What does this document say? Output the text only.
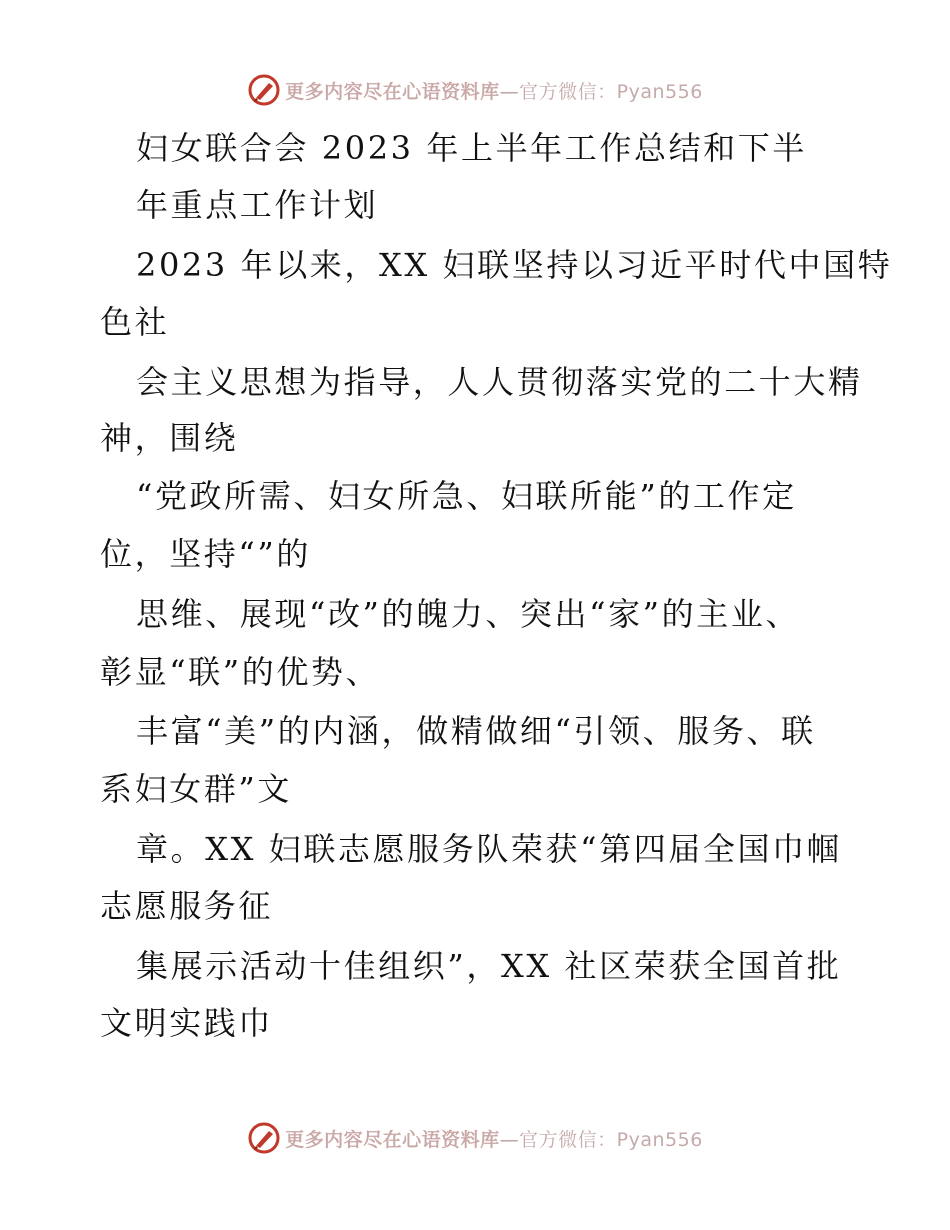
更多内容尽在心语资料库—官方微信：Pyan556
妇女联合会 2023 年上半年工作总结和下半
年重点工作计划
2023 年以来，XX 妇联坚持以习近平时代中国特
色社
会主义思想为指导，人人贯彻落实党的二十大精
神，围绕
“党政所需、妇女所急、妇联所能”的工作定
位，坚持“”的
思维、展现“改”的魄力、突出“家”的主业、
彰显“联”的优势、
丰富“美”的内涵，做精做细“引领、服务、联
系妇女群”文
章。XX 妇联志愿服务队荣获“第四届全国巾帼
志愿服务征
集展示活动十佳组织”，XX 社区荣获全国首批
文明实践巾
更多内容尽在心语资料库—官方微信：Pyan556
